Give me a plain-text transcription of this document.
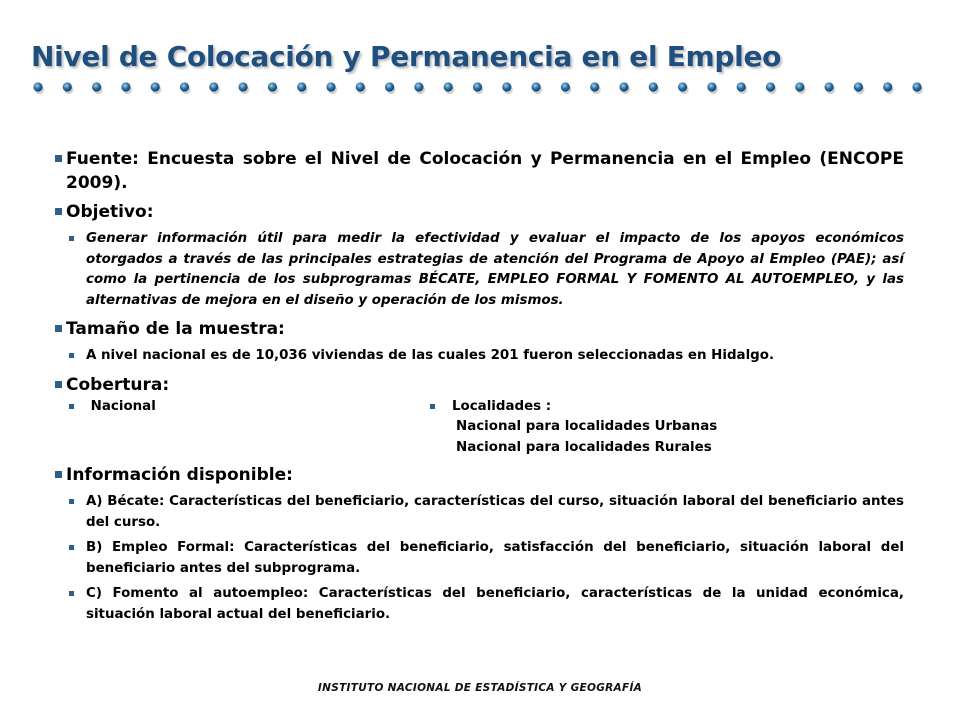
Nivel de Colocación y Permanencia en el Empleo
Fuente: Encuesta sobre el Nivel de Colocación y Permanencia en el Empleo (ENCOPE 2009).
Objetivo:
Generar información útil para medir la efectividad y evaluar el impacto de los apoyos económicos otorgados a través de las principales estrategias de atención del Programa de Apoyo al Empleo (PAE); así como la pertinencia de los subprogramas BÉCATE, EMPLEO FORMAL Y FOMENTO AL AUTOEMPLEO, y las alternativas de mejora en el diseño y operación de los mismos.
Tamaño de la muestra:
A nivel nacional es de 10,036 viviendas de las cuales 201 fueron seleccionadas en Hidalgo.
Cobertura:
Nacional	Localidades :
Nacional para localidades Urbanas
Nacional para localidades Rurales
Información disponible:
A) Bécate: Características del beneficiario, características del curso, situación laboral del beneficiario antes del curso.
B) Empleo Formal: Características del beneficiario, satisfacción del beneficiario, situación laboral del beneficiario antes del subprograma.
C) Fomento al autoempleo: Características del beneficiario, características de la unidad económica, situación laboral actual del beneficiario.
INSTITUTO NACIONAL DE ESTADÍSTICA Y GEOGRAFÍA
